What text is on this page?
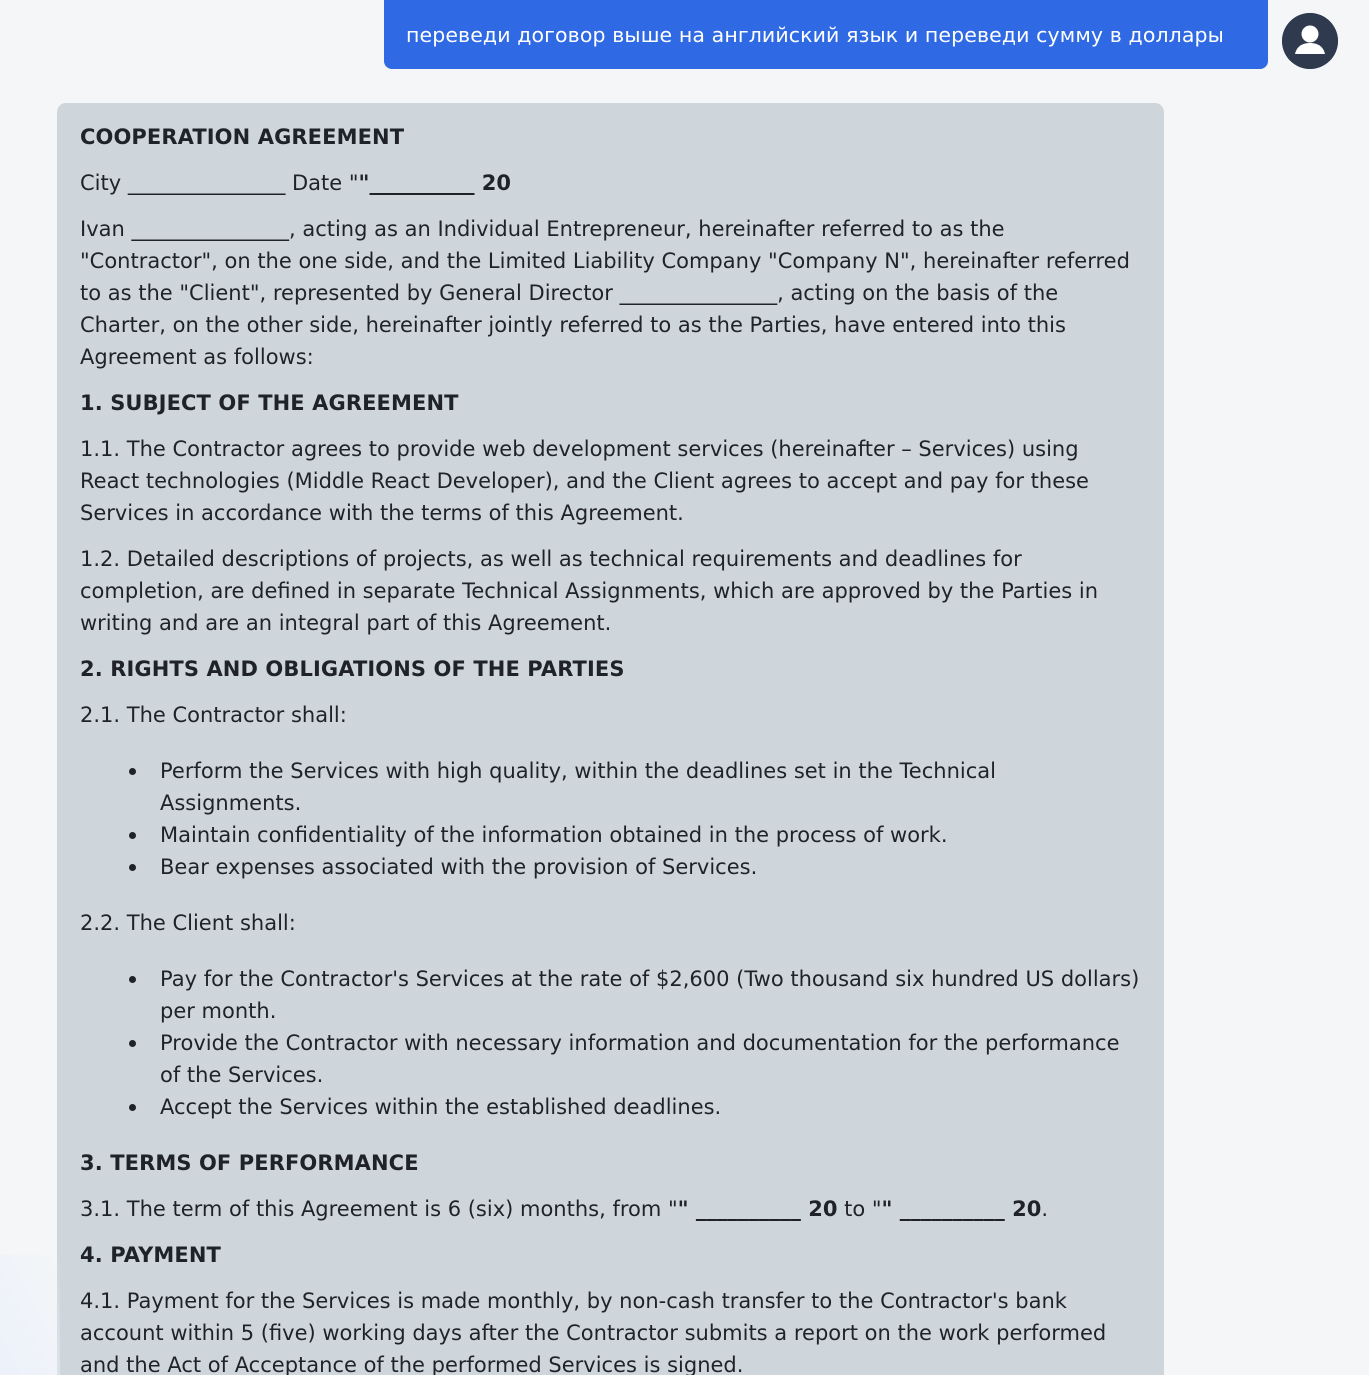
переведи договор выше на английский язык и переведи сумму в доллары
COOPERATION AGREEMENT

City _______________ Date ""__________ 20

Ivan _______________, acting as an Individual Entrepreneur, hereinafter referred to as the "Contractor", on the one side, and the Limited Liability Company "Company N", hereinafter referred to as the "Client", represented by General Director _______________, acting on the basis of the Charter, on the other side, hereinafter jointly referred to as the Parties, have entered into this Agreement as follows:

1. SUBJECT OF THE AGREEMENT

1.1. The Contractor agrees to provide web development services (hereinafter – Services) using React technologies (Middle React Developer), and the Client agrees to accept and pay for these Services in accordance with the terms of this Agreement.

1.2. Detailed descriptions of projects, as well as technical requirements and deadlines for completion, are defined in separate Technical Assignments, which are approved by the Parties in writing and are an integral part of this Agreement.

2. RIGHTS AND OBLIGATIONS OF THE PARTIES

2.1. The Contractor shall:

Perform the Services with high quality, within the deadlines set in the Technical Assignments.
Maintain confidentiality of the information obtained in the process of work.
Bear expenses associated with the provision of Services.

2.2. The Client shall:

Pay for the Contractor's Services at the rate of $2,600 (Two thousand six hundred US dollars) per month.
Provide the Contractor with necessary information and documentation for the performance of the Services.
Accept the Services within the established deadlines.
3. TERMS OF PERFORMANCE

3.1. The term of this Agreement is 6 (six) months, from "" __________ 20 to "" __________ 20.

4. PAYMENT

4.1. Payment for the Services is made monthly, by non-cash transfer to the Contractor's bank account within 5 (five) working days after the Contractor submits a report on the work performed and the Act of Acceptance of the performed Services is signed.
